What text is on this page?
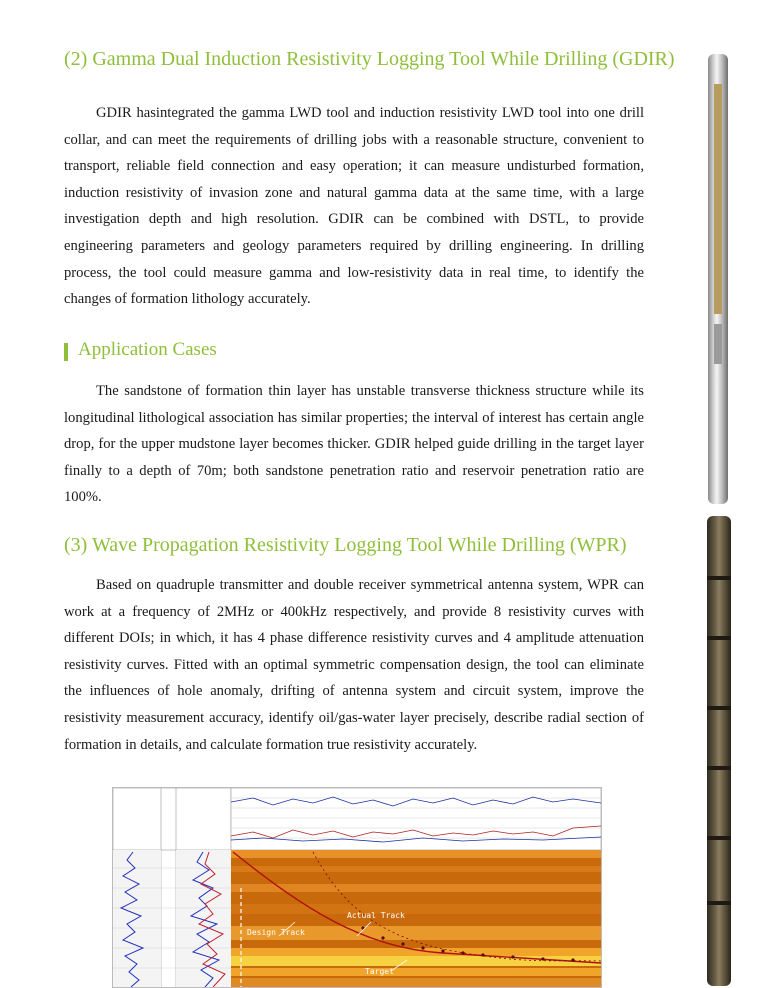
(2) Gamma Dual Induction Resistivity Logging Tool While Drilling (GDIR)

GDIR hasintegrated the gamma LWD tool and induction resistivity LWD tool into one drill collar, and can meet the requirements of drilling jobs with a reasonable structure, convenient to transport, reliable field connection and easy operation; it can measure undisturbed formation, induction resistivity of invasion zone and natural gamma data at the same time, with a large investigation depth and high resolution. GDIR can be combined with DSTL, to provide engineering parameters and geology parameters required by drilling engineering. In drilling process, the tool could measure gamma and low-resistivity data in real time, to identify the changes of formation lithology accurately.

Application Cases

The sandstone of formation thin layer has unstable transverse thickness structure while its longitudinal lithological association has similar properties; the interval of interest has certain angle drop, for the upper mudstone layer becomes thicker. GDIR helped guide drilling in the target layer finally to a depth of 70m; both sandstone penetration ratio and reservoir penetration ratio are 100%.

(3) Wave Propagation Resistivity Logging Tool While Drilling (WPR)

Based on quadruple transmitter and double receiver symmetrical antenna system, WPR can work at a frequency of 2MHz or 400kHz respectively, and provide 8 resistivity curves with different DOIs; in which, it has 4 phase difference resistivity curves and 4 amplitude attenuation resistivity curves. Fitted with an optimal symmetric compensation design, the tool can eliminate the influences of hole anomaly, drifting of antenna system and circuit system, improve the resistivity measurement accuracy, identify oil/gas-water layer precisely, describe radial section of formation in details, and calculate formation true resistivity accurately.

Actual Track
Design Track
Target
